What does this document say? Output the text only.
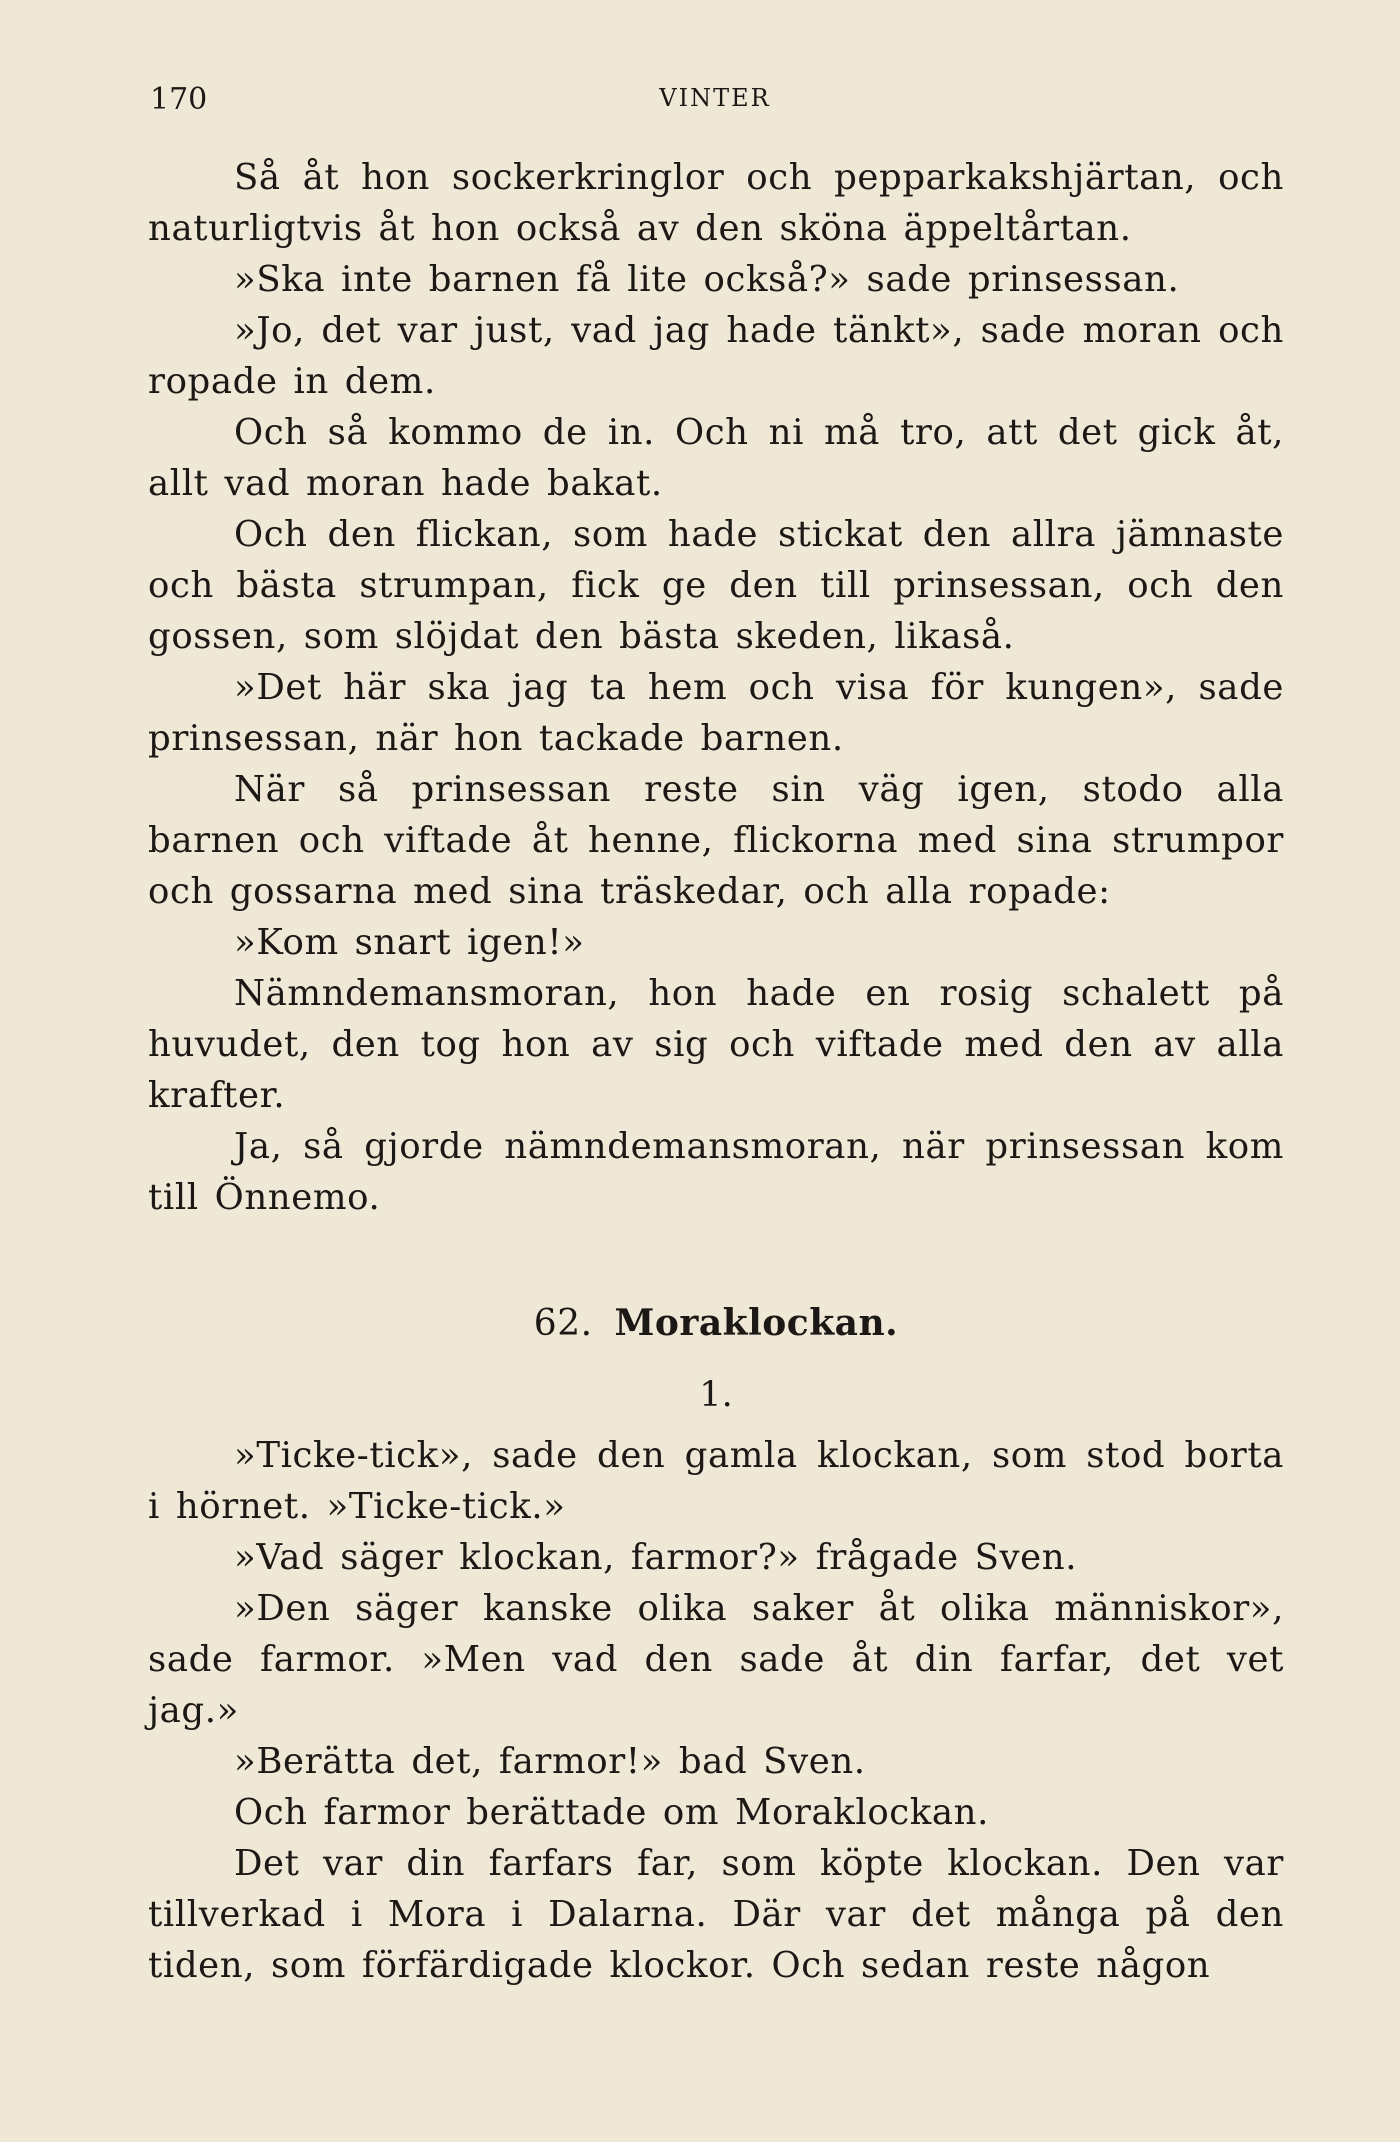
170	VINTER

Så åt hon sockerkringlor och pepparkakshjärtan, och naturligtvis åt hon också av den sköna äppeltårtan.

»Ska inte barnen få lite också?» sade prinsessan.

»Jo, det var just, vad jag hade tänkt», sade moran och ropade in dem.

Och så kommo de in. Och ni må tro, att det gick åt, allt vad moran hade bakat.

Och den flickan, som hade stickat den allra jämnaste och bästa strumpan, fick ge den till prinsessan, och den gossen, som slöjdat den bästa skeden, likaså.

»Det här ska jag ta hem och visa för kungen», sade prinsessan, när hon tackade barnen.

När så prinsessan reste sin väg igen, stodo alla barnen och viftade åt henne, flickorna med sina strumpor och gossarna med sina träskedar, och alla ropade:

»Kom snart igen!»

Nämndemansmoran, hon hade en rosig schalett på huvudet, den tog hon av sig och viftade med den av alla krafter.

Ja, så gjorde nämndemansmoran, när prinsessan kom till Önnemo.

62. Moraklockan.
1.

»Ticke-tick», sade den gamla klockan, som stod borta i hörnet. »Ticke-tick.»

»Vad säger klockan, farmor?» frågade Sven.

»Den säger kanske olika saker åt olika människor», sade farmor. »Men vad den sade åt din farfar, det vet jag.»

»Berätta det, farmor!» bad Sven.

Och farmor berättade om Moraklockan.

Det var din farfars far, som köpte klockan. Den var tillverkad i Mora i Dalarna. Där var det många på den tiden, som förfärdigade klockor. Och sedan reste någon
